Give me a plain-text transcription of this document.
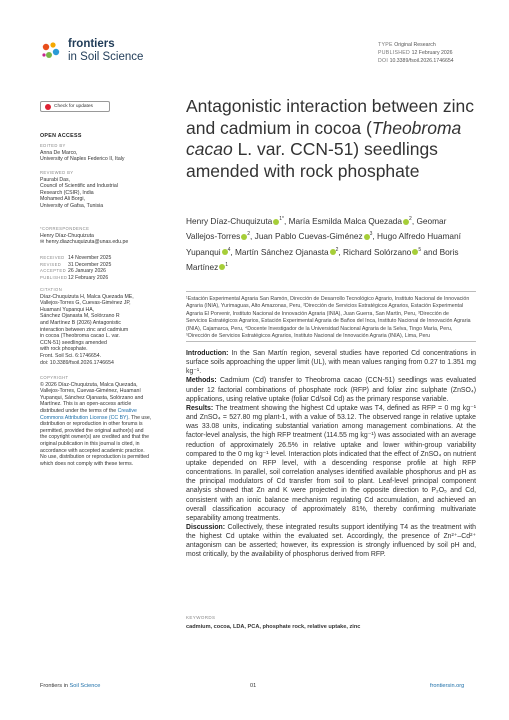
frontiers
in Soil Science
TYPE Original Research
PUBLISHED 12 February 2026
DOI 10.3389/fsoil.2026.1746654
Check for updates
OPEN ACCESS
EDITED BY
Anna De Marco,
University of Naples Federico II, Italy
REVIEWED BY
Paurabi Das,
Council of Scientific and Industrial
Research (CSIR), India
Mohamed Ali Borgi,
University of Gafsa, Tunisia
*CORRESPONDENCE
Henry Díaz-Chuquizuta
✉ henry.diazchuquizuta@unas.edu.pe
RECEIVED 14 November 2025
REVISED 31 December 2025
ACCEPTED 26 January 2026
PUBLISHED12 February 2026
CITATION
Díaz-Chuquizuta H, Malca Quezada ME,
Vallejos-Torres G, Cuevas-Giménez JP,
Huamaní Yupanqui HA,
Sánchez Ojanasta M, Solórzano R
and Martínez B (2026) Antagonistic
interaction between zinc and cadmium
in cocoa (Theobroma cacao L. var.
CCN-51) seedlings amended
with rock phosphate.
Front. Soil Sci. 6:1746654.
doi: 10.3389/fsoil.2026.1746654
COPYRIGHT
© 2026 Díaz-Chuquizuta, Malca Quezada, Vallejos-Torres, Cuevas-Giménez, Huamaní Yupanqui, Sánchez Ojanasta, Solórzano and Martínez. This is an open-access article distributed under the terms of the Creative Commons Attribution License (CC BY). The use, distribution or reproduction in other forums is permitted, provided the original author(s) and the copyright owner(s) are credited and that the original publication in this journal is cited, in accordance with accepted academic practice. No use, distribution or reproduction is permitted which does not comply with these terms.
Antagonistic interaction between zinc and cadmium in cocoa (Theobroma cacao L. var. CCN-51) seedlings amended with rock phosphate
Henry Díaz-Chuquizuta $^{1*}$, María Esmilda Malca Quezada $^2$, Geomar Vallejos-Torres $^2$, Juan Pablo Cuevas-Giménez $^3$, Hugo Alfredo Huamaní Yupanqui $^4$, Martín Sánchez Ojanasta $^2$, Richard Solórzano $^5$ and Boris Martínez $^1$
¹Estación Experimental Agraria San Ramón, Dirección de Desarrollo Tecnológico Agrario, Instituto Nacional de Innovación Agraria (INIA), Yurimaguas, Alto Amazonas, Peru, ²Dirección de Servicios Estratégicos Agrarios, Estación Experimental Agraria El Porvenir, Instituto Nacional de Innovación Agraria (INIA), Juan Guerra, San Martín, Peru, ³Dirección de Servicios Estratégicos Agrarios, Estación Experimental Agraria de Baños del Inca, Instituto Nacional de Innovación Agraria (INIA), Cajamarca, Peru, ⁴Docente Investigador de la Universidad Nacional Agraria de la Selva, Tingo María, Peru, ⁵Dirección de Servicios Estratégicos Agrarios, Instituto Nacional de Innovación Agraria (INIA), Lima, Peru

Introduction: In the San Martín region, several studies have reported Cd concentrations in surface soils approaching the upper limit (UL), with mean values ranging from 0.27 to 1.351 mg kg⁻¹.

Methods: Cadmium (Cd) transfer to Theobroma cacao (CCN-51) seedlings was evaluated under 12 factorial combinations of phosphate rock (RFP) and foliar zinc sulphate (ZnSO₄) applications, using relative uptake (foliar Cd/soil Cd) as the primary response variable.

Results: The treatment showing the highest Cd uptake was T4, defined as RFP = 0 mg kg⁻¹ and ZnSO₄ = 527.80 mg plant-1, with a value of 53.12. The observed range in relative uptake was 33.08 units, indicating substantial variation among management combinations. At the factor-level analysis, the high RFP treatment (114.55 mg kg⁻¹) was associated with an average reduction of approximately 26.5% in relative uptake and lower within-group variability compared to the 0 mg kg⁻¹ level. Interaction plots indicated that the effect of ZnSO₄ on nutrient uptake depended on RFP level, with a descending response profile at high RFP concentrations. In parallel, soil correlation analyses identified available phosphorus and pH as the principal modulators of Cd transfer from soil to plant. Leaf-level principal component analysis showed that Zn and K were projected in the opposite direction to P₂O₅ and Cd, consistent with an ionic balance mechanism regulating Cd accumulation, and achieved an overall classification accuracy of approximately 81%, thereby confirming multivariate separability among treatments.

Discussion: Collectively, these integrated results support identifying T4 as the treatment with the highest Cd uptake within the evaluated set. Accordingly, the presence of Zn²⁺–Cd²⁺ antagonism can be asserted; however, its expression is strongly influenced by soil pH and, most critically, by the availability of phosphorus derived from RFP.

KEYWORDS
cadmium, cocoa, LDA, PCA, phosphate rock, relative uptake, zinc
Frontiers in Soil Science	01	frontiersin.org
